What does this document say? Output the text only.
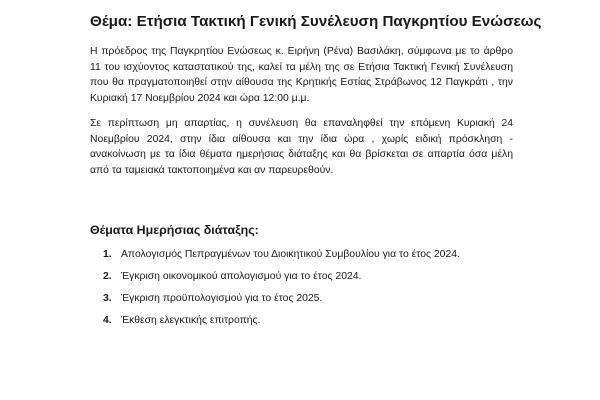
Θέμα: Ετήσια Τακτική Γενική Συνέλευση Παγκρητίου Ενώσεως

Η πρόεδρος της Παγκρητίου Ενώσεως κ. Ειρήνη (Ρένα) Βασιλάκη, σύμφωνα με το άρθρο 11 του ισχύοντος καταστατικού της, καλεί τα μέλη της σε Ετήσια Τακτική Γενική Συνέλευση που θα πραγματοποιηθεί στην αίθουσα της Κρητικής Εστίας Στράβωνος 12 Παγκράτι , την Κυριακή 17 Νοεμβρίου 2024 και ώρα 12:00 μ.μ.

Σε περίπτωση μη απαρτίας, η συνέλευση θα επαναληφθεί την επόμενη Κυριακή 24 Νοεμβρίου 2024, στην ίδια αίθουσα και την ίδια ώρα , χωρίς ειδική πρόσκληση - ανακοίνωση με τα ίδια θέματα ημερήσιας διάταξης και θα βρίσκεται σε απαρτία όσα μέλη από τα ταμειακά τακτοποιημένα και αν παρευρεθούν.

Θέματα Ημερήσιας διάταξης:
1. Απολογισμός Πεπραγμένων του Διοικητικού Συμβουλίου για το έτος 2024.
2. Έγκριση οικονομικού απολογισμού για το έτος 2024.
3. Έγκριση προϋπολογισμού για το έτος 2025.
4. Έκθεση ελεγκτικής επιτροπής.
